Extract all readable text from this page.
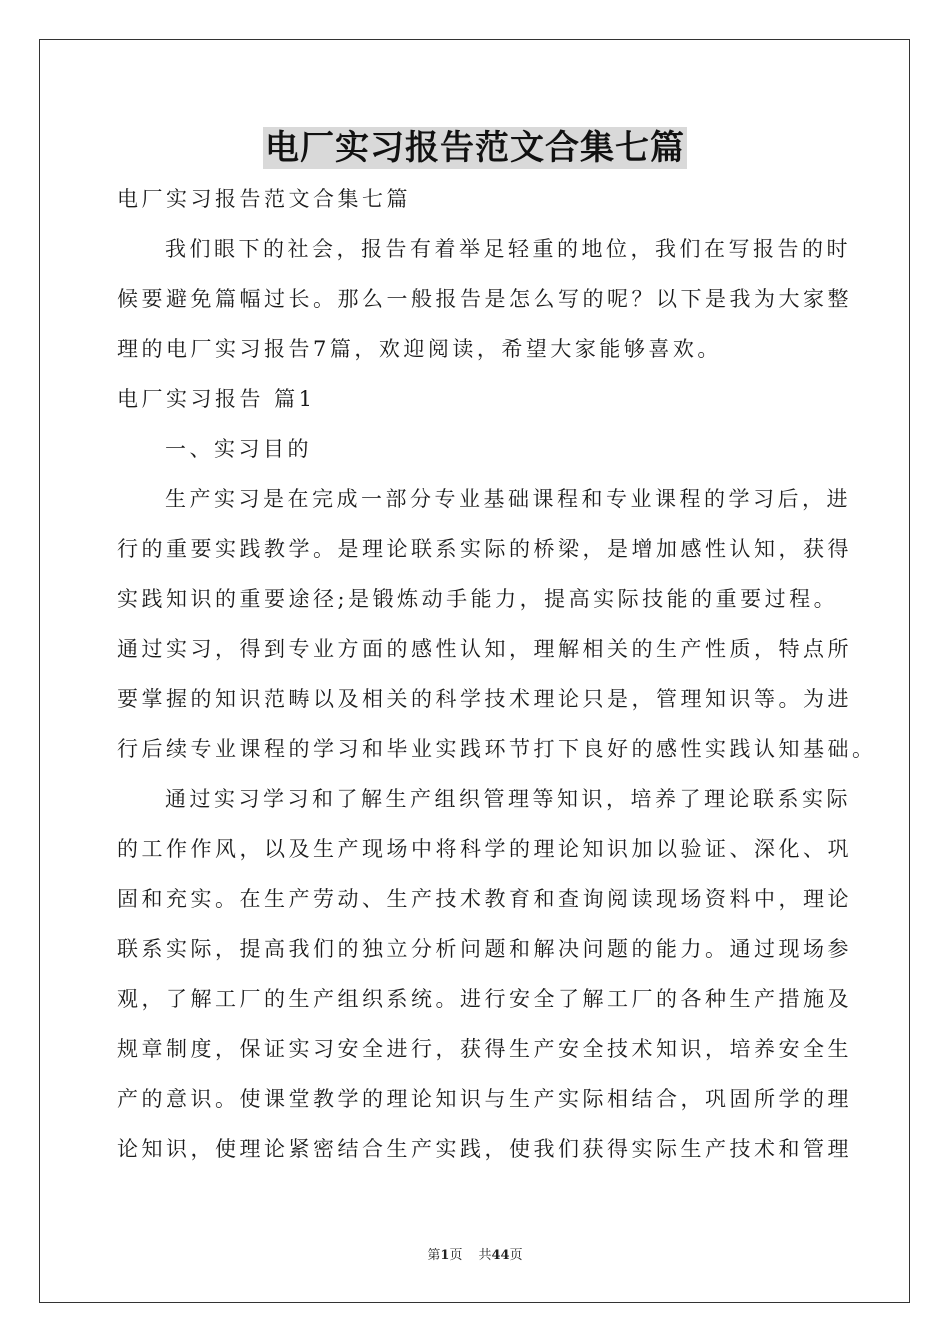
电厂实习报告范文合集七篇
电厂实习报告范文合集七篇
我们眼下的社会，报告有着举足轻重的地位，我们在写报告的时
候要避免篇幅过长。那么一般报告是怎么写的呢？以下是我为大家整
理的电厂实习报告7篇，欢迎阅读，希望大家能够喜欢。
电厂实习报告 篇1
一、实习目的
生产实习是在完成一部分专业基础课程和专业课程的学习后，进
行的重要实践教学。是理论联系实际的桥梁，是增加感性认知，获得
实践知识的重要途径;是锻炼动手能力，提高实际技能的重要过程。
通过实习，得到专业方面的感性认知，理解相关的生产性质，特点所
要掌握的知识范畴以及相关的科学技术理论只是，管理知识等。为进
行后续专业课程的学习和毕业实践环节打下良好的感性实践认知基础。
通过实习学习和了解生产组织管理等知识，培养了理论联系实际
的工作作风，以及生产现场中将科学的理论知识加以验证、深化、巩
固和充实。在生产劳动、生产技术教育和查询阅读现场资料中，理论
联系实际，提高我们的独立分析问题和解决问题的能力。通过现场参
观，了解工厂的生产组织系统。进行安全了解工厂的各种生产措施及
规章制度，保证实习安全进行，获得生产安全技术知识，培养安全生
产的意识。使课堂教学的理论知识与生产实际相结合，巩固所学的理
论知识，使理论紧密结合生产实践，使我们获得实际生产技术和管理
第1页 共44页
